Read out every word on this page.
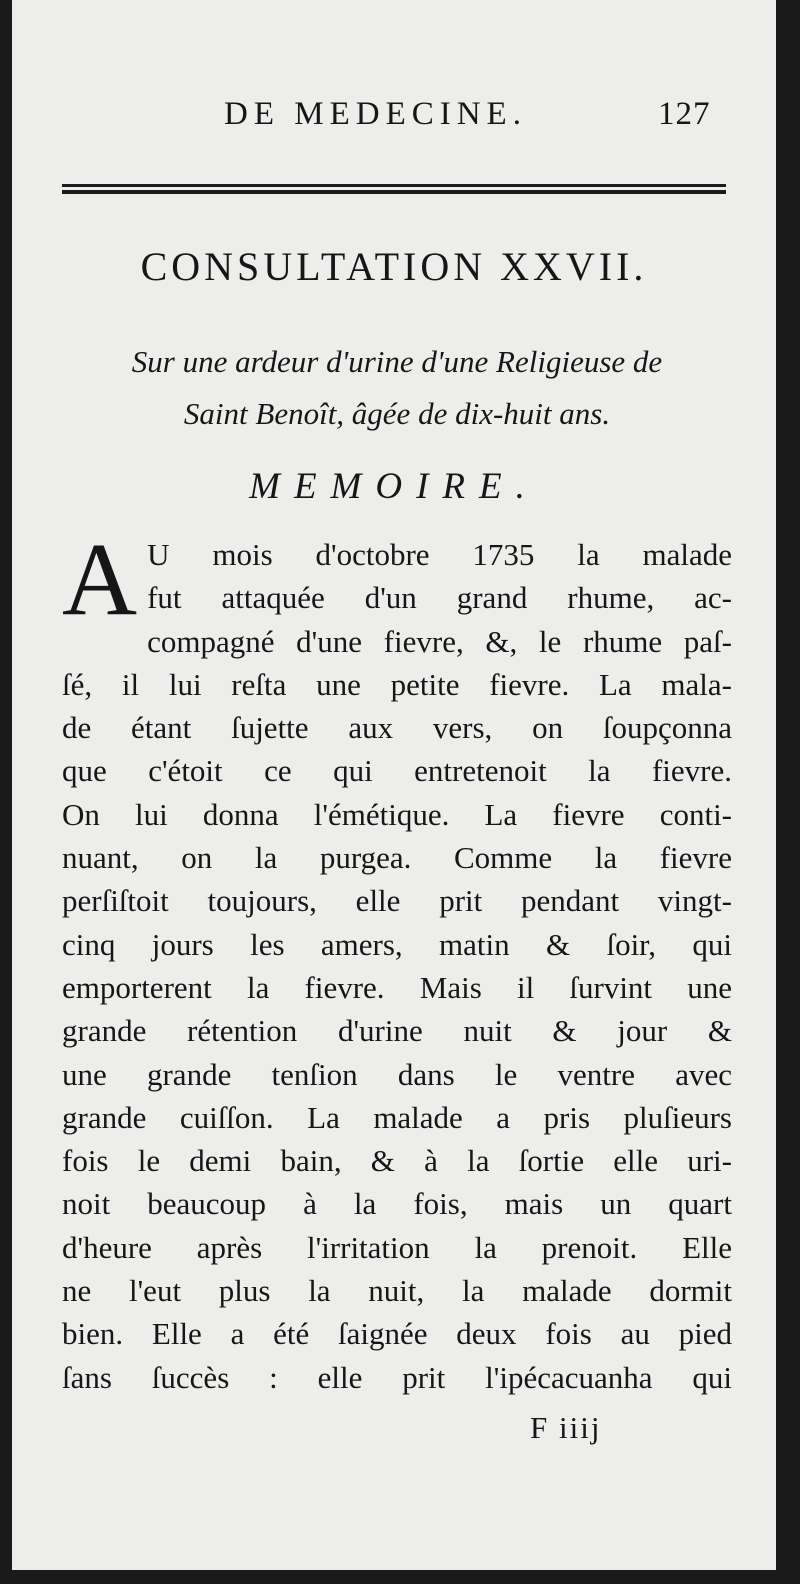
DE MEDECINE.	127
CONSULTATION XXVII.
Sur une ardeur d'urine d'une Religieuse de
Saint Benoît, âgée de dix-huit ans.
MEMOIRE.
A U mois d'octobre 1735 la malade
fut attaquée d'un grand rhume, ac-
compagné d'une fievre, &, le rhume paſ-
ſé, il lui reſta une petite fievre. La mala-
de étant ſujette aux vers, on ſoupçonna
que c'étoit ce qui entretenoit la fievre.
On lui donna l'émétique. La fievre conti-
nuant, on la purgea. Comme la fievre
perſiſtoit toujours, elle prit pendant vingt-
cinq jours les amers, matin & ſoir, qui
emporterent la fievre. Mais il ſurvint une
grande rétention d'urine nuit & jour &
une grande tenſion dans le ventre avec
grande cuiſſon. La malade a pris pluſieurs
fois le demi bain, & à la ſortie elle uri-
noit beaucoup à la fois, mais un quart
d'heure après l'irritation la prenoit. Elle
ne l'eut plus la nuit, la malade dormit
bien. Elle a été ſaignée deux fois au pied
ſans ſuccès : elle prit l'ipécacuanha qui
F iiij
